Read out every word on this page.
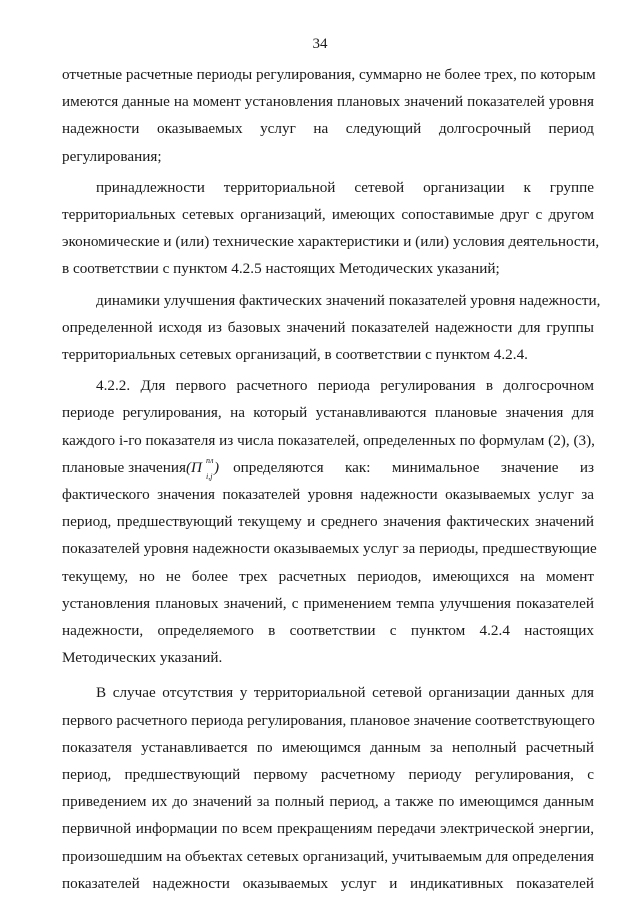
34

отчетные расчетные периоды регулирования, суммарно не более трех, по которым
имеются данные на момент установления плановых значений показателей уровня
надежности оказываемых услуг на следующий долгосрочный период
регулирования;

принадлежности территориальной сетевой организации к группе
территориальных сетевых организаций, имеющих сопоставимые друг с другом
экономические и (или) технические характеристики и (или) условия деятельности,
в соответствии с пунктом 4.2.5 настоящих Методических указаний;

динамики улучшения фактических значений показателей уровня надежности,
определенной исходя из базовых значений показателей надежности для группы
территориальных сетевых организаций, в соответствии с пунктом 4.2.4.

4.2.2. Для первого расчетного периода регулирования в долгосрочном
периоде регулирования, на который устанавливаются плановые значения для
каждого i-го показателя из числа показателей, определенных по формулам (2), (3),
плановые значения (П пл
i,j
) определяются как: минимальное значение из
фактического значения показателей уровня надежности оказываемых услуг за
период, предшествующий текущему и среднего значения фактических значений
показателей уровня надежности оказываемых услуг за периоды, предшествующие
текущему, но не более трех расчетных периодов, имеющихся на момент
установления плановых значений, с применением темпа улучшения показателей
надежности, определяемого в соответствии с пунктом 4.2.4 настоящих
Методических указаний.

В случае отсутствия у территориальной сетевой организации данных для
первого расчетного периода регулирования, плановое значение соответствующего
показателя устанавливается по имеющимся данным за неполный расчетный
период, предшествующий первому расчетному периоду регулирования, с
приведением их до значений за полный период, а также по имеющимся данным
первичной информации по всем прекращениям передачи электрической энергии,
произошедшим на объектах сетевых организаций, учитываемым для определения
показателей надежности оказываемых услуг и индикативных показателей
